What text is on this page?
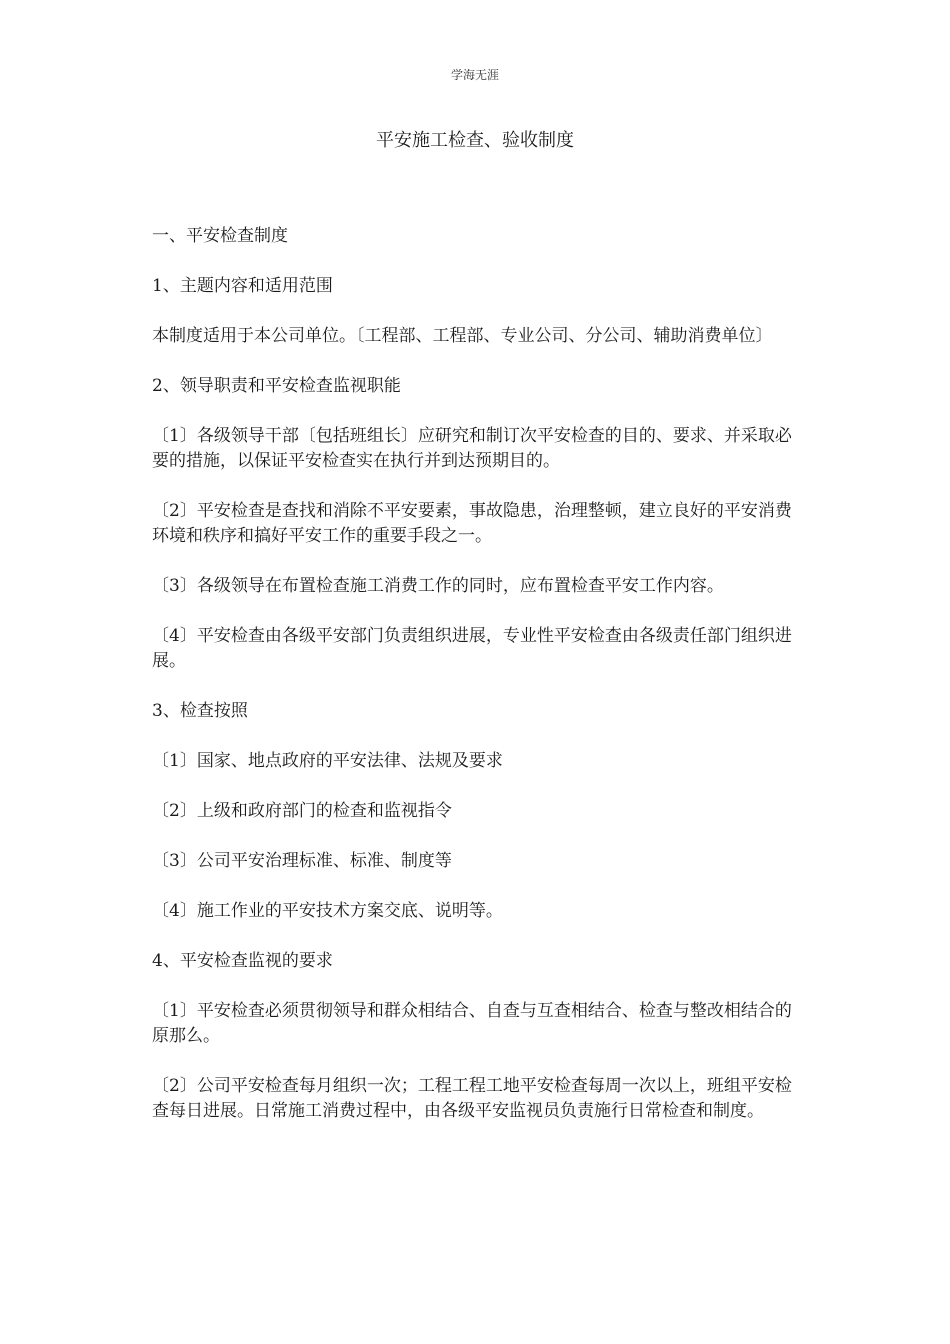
学海无涯
平安施工检查、验收制度

一、平安检查制度

1、主题内容和适用范围

本制度适用于本公司单位。〔工程部、工程部、专业公司、分公司、辅助消费单位〕

2、领导职责和平安检查监视职能

〔1〕各级领导干部〔包括班组长〕应研究和制订次平安检查的目的、要求、并采取必要的措施，以保证平安检查实在执行并到达预期目的。

〔2〕平安检查是查找和消除不平安要素，事故隐患，治理整顿，建立良好的平安消费环境和秩序和搞好平安工作的重要手段之一。

〔3〕各级领导在布置检查施工消费工作的同时，应布置检查平安工作内容。

〔4〕平安检查由各级平安部门负责组织进展，专业性平安检查由各级责任部门组织进展。

3、检查按照

〔1〕国家、地点政府的平安法律、法规及要求

〔2〕上级和政府部门的检查和监视指令

〔3〕公司平安治理标准、标准、制度等

〔4〕施工作业的平安技术方案交底、说明等。

4、平安检查监视的要求

〔1〕平安检查必须贯彻领导和群众相结合、自查与互查相结合、检查与整改相结合的原那么。

〔2〕公司平安检查每月组织一次；工程工程工地平安检查每周一次以上，班组平安检查每日进展。日常施工消费过程中，由各级平安监视员负责施行日常检查和制度。
